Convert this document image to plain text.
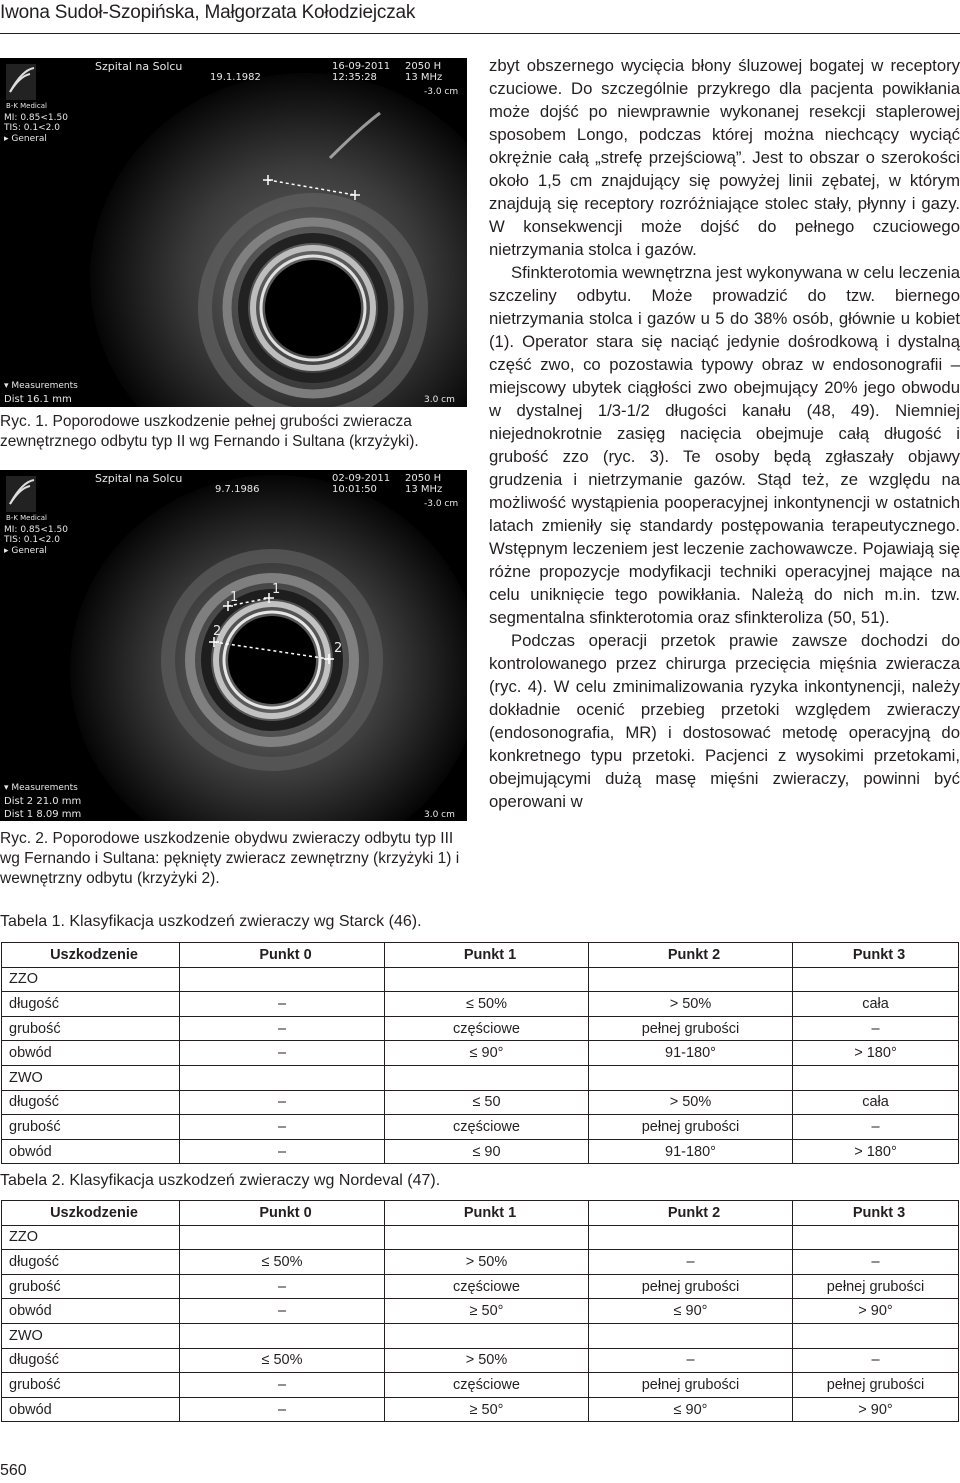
Iwona Sudoł-Szopińska, Małgorzata Kołodziejczak
B-K Medical
Szpital na Solcu	16-09-2011
19.1.1982	12:35:28
2050 H
13 MHz
-3.0 cm
MI: 0.85<1.50
TIS: 0.1<2.0
▸ General
▾ Measurements
Dist 16.1 mm	3.0 cm
Ryc. 1. Poporodowe uszkodzenie pełnej grubości zwieracza zewnętrznego odbytu typ II wg Fernando i Sultana (krzyżyki).
1
1
2
2
B-K Medical
Szpital na Solcu	02-09-2011
9.7.1986	10:01:50
2050 H
13 MHz
-3.0 cm
MI: 0.85<1.50
TIS: 0.1<2.0
▸ General
▾ Measurements
Dist 2 21.0 mm
Dist 1 8.09 mm	3.0 cm
Ryc. 2. Poporodowe uszkodzenie obydwu zwieraczy odbytu typ III wg Fernando i Sultana: pęknięty zwieracz zewnętrzny (krzyżyki 1) i wewnętrzny odbytu (krzyżyki 2).

zbyt obszernego wycięcia błony śluzowej bogatej w receptory czuciowe. Do szczególnie przykrego dla pacjenta powikłania może dojść po niewprawnie wykonanej resekcji staplerowej sposobem Longo, podczas której można niechcący wyciąć okrężnie całą „strefę przejściową”. Jest to obszar o szerokości około 1,5 cm znajdujący się powyżej linii zębatej, w którym znajdują się receptory rozróżniające stolec stały, płynny i gazy. W konsekwencji może dojść do pełnego czuciowego nietrzymania stolca i gazów.

Sfinkterotomia wewnętrzna jest wykonywana w celu leczenia szczeliny odbytu. Może prowadzić do tzw. biernego nietrzymania stolca i gazów u 5 do 38% osób, głównie u kobiet (1). Operator stara się naciąć jedynie dośrodkową i dystalną część zwo, co pozostawia typowy obraz w endosonografii – miejscowy ubytek ciągłości zwo obejmujący 20% jego obwodu w dystalnej 1/3-1/2 długości kanału (48, 49). Niemniej niejednokrotnie zasięg nacięcia obejmuje całą długość i grubość zzo (ryc. 3). Te osoby będą zgłaszały objawy grudzenia i nietrzymanie gazów. Stąd też, ze względu na możliwość wystąpienia pooperacyjnej inkontynencji w ostatnich latach zmieniły się standardy postępowania terapeutycznego. Wstępnym leczeniem jest leczenie zachowawcze. Pojawiają się różne propozycje modyfikacji techniki operacyjnej mające na celu uniknięcie tego powikłania. Należą do nich m.in. tzw. segmentalna sfinkterotomia oraz sfinkteroliza (50, 51).

Podczas operacji przetok prawie zawsze dochodzi do kontrolowanego przez chirurga przecięcia mięśnia zwieracza (ryc. 4). W celu zminimalizowania ryzyka inkontynencji, należy dokładnie ocenić przebieg przetoki względem zwieraczy (endosonografia, MR) i dostosować metodę operacyjną do konkretnego typu przetoki. Pacjenci z wysokimi przetokami, obejmującymi dużą masę mięśni zwieraczy, powinni być operowani w

Tabela 1. Klasyfikacja uszkodzeń zwieraczy wg Starck (46).
Uszkodzenie	Punkt 0	Punkt 1	Punkt 2	Punkt 3
ZZO				
długość	–	≤ 50%	> 50%	cała
grubość	–	częściowe	pełnej grubości	–
obwód	–	≤ 90°	91-180°	> 180°
ZWO				
długość	–	≤ 50	> 50%	cała
grubość	–	częściowe	pełnej grubości	–
obwód	–	≤ 90	91-180°	> 180°
Tabela 2. Klasyfikacja uszkodzeń zwieraczy wg Nordeval (47).
Uszkodzenie	Punkt 0	Punkt 1	Punkt 2	Punkt 3
ZZO				
długość	≤ 50%	> 50%	–	–
grubość	–	częściowe	pełnej grubości	pełnej grubości
obwód	–	≥ 50°	≤ 90°	> 90°
ZWO				
długość	≤ 50%	> 50%	–	–
grubość	–	częściowe	pełnej grubości	pełnej grubości
obwód	–	≥ 50°	≤ 90°	> 90°
560
